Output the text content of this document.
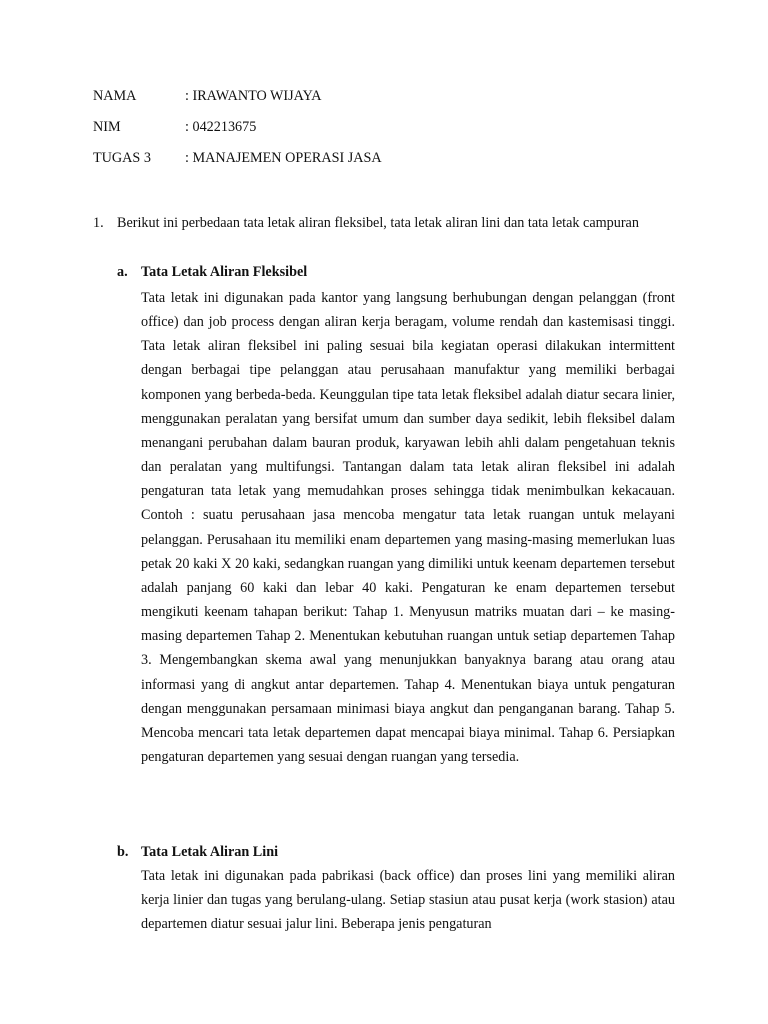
NAMA	: IRAWANTO WIJAYA
NIM	: 042213675
TUGAS 3 : MANAJEMEN OPERASI JASA
1. Berikut ini perbedaan tata letak aliran fleksibel, tata letak aliran lini dan tata letak campuran
a. Tata Letak Aliran Fleksibel
Tata letak ini digunakan pada kantor yang langsung berhubungan dengan pelanggan (front office) dan job process dengan aliran kerja beragam, volume rendah dan kastemisasi tinggi. Tata letak aliran fleksibel ini paling sesuai bila kegiatan operasi dilakukan intermittent dengan berbagai tipe pelanggan atau perusahaan manufaktur yang memiliki berbagai komponen yang berbeda-beda. Keunggulan tipe tata letak fleksibel adalah diatur secara linier, menggunakan peralatan yang bersifat umum dan sumber daya sedikit, lebih fleksibel dalam menangani perubahan dalam bauran produk, karyawan lebih ahli dalam pengetahuan teknis dan peralatan yang multifungsi. Tantangan dalam tata letak aliran fleksibel ini adalah pengaturan tata letak yang memudahkan proses sehingga tidak menimbulkan kekacauan. Contoh : suatu perusahaan jasa mencoba mengatur tata letak ruangan untuk melayani pelanggan. Perusahaan itu memiliki enam departemen yang masing-masing memerlukan luas petak 20 kaki X 20 kaki, sedangkan ruangan yang dimiliki untuk keenam departemen tersebut adalah panjang 60 kaki dan lebar 40 kaki. Pengaturan ke enam departemen tersebut mengikuti keenam tahapan berikut: Tahap 1. Menyusun matriks muatan dari – ke masing-masing departemen Tahap 2. Menentukan kebutuhan ruangan untuk setiap departemen Tahap 3. Mengembangkan skema awal yang menunjukkan banyaknya barang atau orang atau informasi yang di angkut antar departemen. Tahap 4. Menentukan biaya untuk pengaturan dengan menggunakan persamaan minimasi biaya angkut dan penganganan barang. Tahap 5. Mencoba mencari tata letak departemen dapat mencapai biaya minimal. Tahap 6. Persiapkan pengaturan departemen yang sesuai dengan ruangan yang tersedia.
b. Tata Letak Aliran Lini
Tata letak ini digunakan pada pabrikasi (back office) dan proses lini yang memiliki aliran kerja linier dan tugas yang berulang-ulang. Setiap stasiun atau pusat kerja (work stasion) atau departemen diatur sesuai jalur lini. Beberapa jenis pengaturan
